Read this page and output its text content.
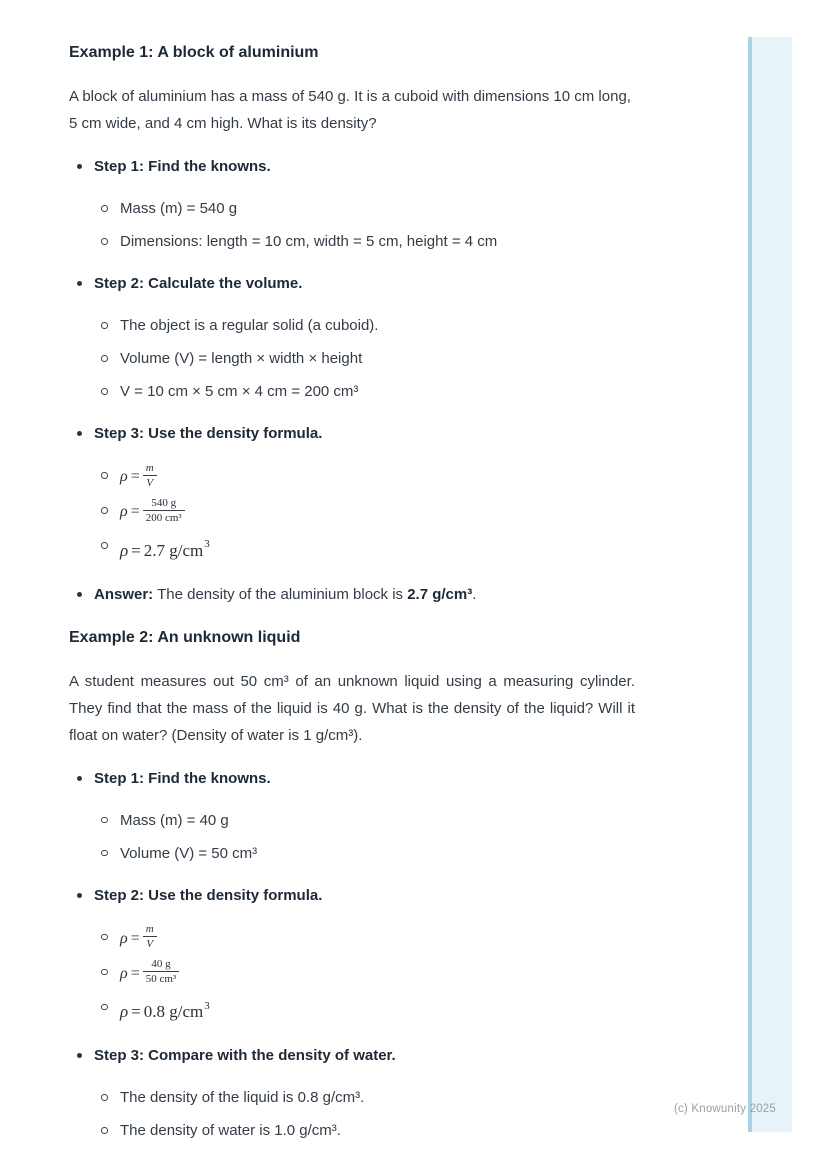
(c) Knowunity 2025
Example 1: A block of aluminium

A block of aluminium has a mass of 540 g. It is a cuboid with dimensions 10 cm long, 5 cm wide, and 4 cm high. What is its density?

Step 1: Find the knowns.
Mass (m) = 540 g
Dimensions: length = 10 cm, width = 5 cm, height = 4 cm
Step 2: Calculate the volume.
The object is a regular solid (a cuboid).
Volume (V) = length × width × height
V = 10 cm × 5 cm × 4 cm = 200 cm³
Step 3: Use the density formula.
$\rho = \frac{m}{V}$
$\rho = \frac{540 g}{\text{200 cm³}}$
ρ = 2.7 $g/cm^3$
Answer: The density of the aluminium block is 2.7 g/cm³.
Example 2: An unknown liquid

A student measures out 50 cm³ of an unknown liquid using a measuring cylinder. They find that the mass of the liquid is 40 g. What is the density of the liquid? Will it float on water? (Density of water is 1 g/cm³).

Step 1: Find the knowns.
Mass (m) = 40 g
Volume (V) = 50 cm³
Step 2: Use the density formula.
$\rho = \frac{m}{V}$
$\rho = \frac{40 g}{\text{50 cm³}}$
ρ = 0.8 $g/cm^3$
Step 3: Compare with the density of water.
The density of the liquid is 0.8 g/cm³.
The density of water is 1.0 g/cm³.
